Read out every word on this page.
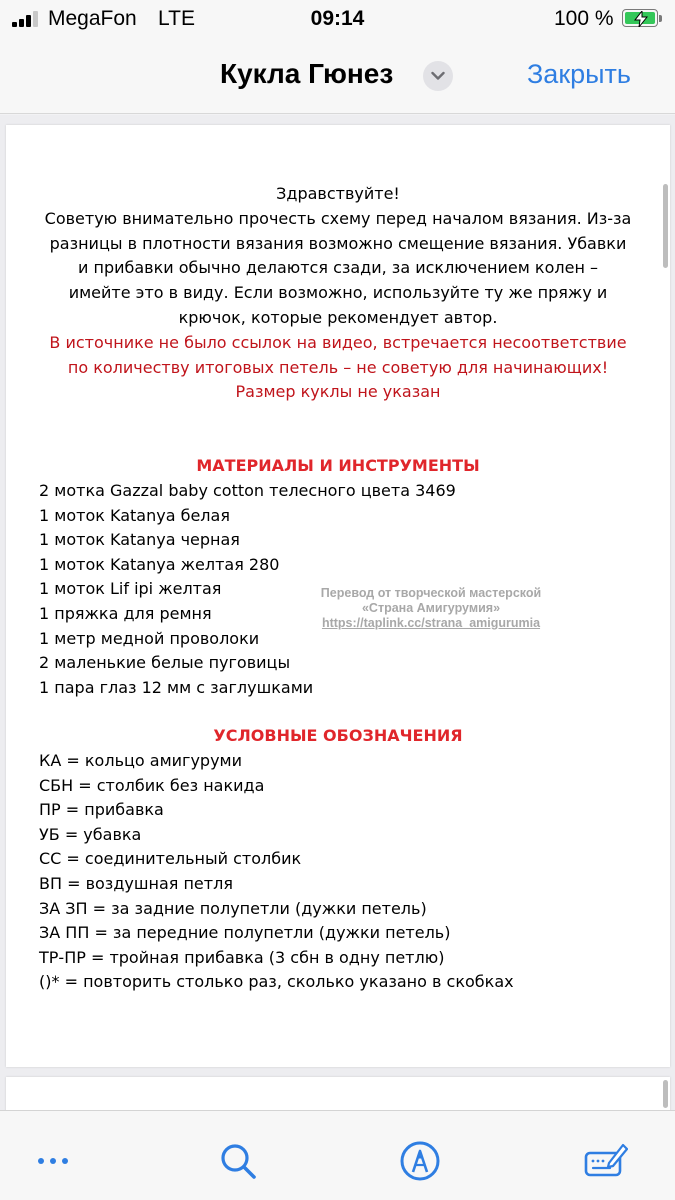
MegaFon LTE	09:14	100 %
Кукла Гюнез	Закрыть
Здравствуйте!
Советую внимательно прочесть схему перед началом вязания. Из-за
разницы в плотности вязания возможно смещение вязания. Убавки
и прибавки обычно делаются сзади, за исключением колен –
имейте это в виду. Если возможно, используйте ту же пряжу и
крючок, которые рекомендует автор.
В источнике не было ссылок на видео, встречается несоответствие
по количеству итоговых петель – не советую для начинающих!
Размер куклы не указан
МАТЕРИАЛЫ И ИНСТРУМЕНТЫ
2 мотка Gazzal baby cotton телесного цвета 3469
1 моток Katanya белая
1 моток Katanya черная
1 моток Katanya желтая 280
1 моток Lif ipi желтая
1 пряжка для ремня
1 метр медной проволоки
2 маленькие белые пуговицы
1 пара глаз 12 мм с заглушками
Перевод от творческой мастерской
«Страна Амигурумия»
https://taplink.cc/strana_amigurumia
УСЛОВНЫЕ ОБОЗНАЧЕНИЯ
КА = кольцо амигуруми
СБН = столбик без накида
ПР = прибавка
УБ = убавка
СС = соединительный столбик
ВП = воздушная петля
ЗА ЗП = за задние полупетли (дужки петель)
ЗА ПП = за передние полупетли (дужки петель)
ТР-ПР = тройная прибавка (3 сбн в одну петлю)
()* = повторить столько раз, сколько указано в скобках
